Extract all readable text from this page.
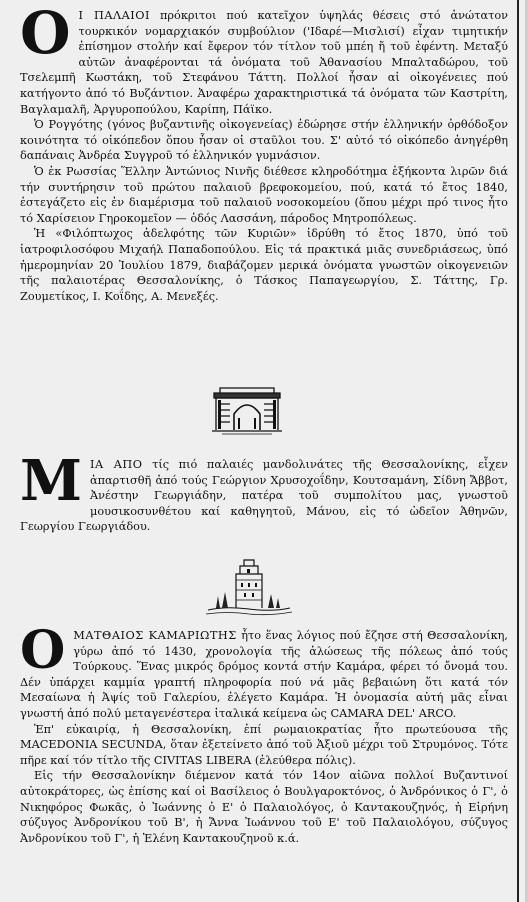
O Ι ΠΑΛΑΙΟΙ πρόκριτοι πού κατεῖχον ὑψηλάς θέσεις στό ἀνώτατον τουρκικόν νομαρχιακόν συμβούλιον ('Ιδαρέ—Μισλισί) εἶχαν τιμητικήν ἐπίσημον στολήν καί ἔφερον τόν τίτλον τοῦ μπέη ἤ τοῦ ἐφέντη. Μεταξύ αὐτῶν ἀναφέρονται τά ὀνόματα τοῦ Ἀθανασίου Μπαλταδώρου, τοῦ Τσελεμπῆ Κωστάκη, τοῦ Στεφάνου Τάττη. Πολλοί ἦσαν αἱ οἰκογένειες πού κατήγοντο ἀπό τό Βυζάντιον. Ἀναφέρω χαρακτηριστικά τά ὀνόματα τῶν Καστρίτη, Βαγλαμαλῆ, Ἀργυροπούλου, Καρίπη, Πάϊκο.

Ὁ Ρογγότης (γόνος βυζαντινῆς οἰκογενείας) ἐδώρησε στήν ἑλληνικήν ὀρθόδοξον κοινότητα τό οἰκόπεδον ὅπου ἦσαν οἱ σταῦλοι του. Σ' αὐτό τό οἰκόπεδο ἀνηγέρθη δαπάναις Ἀνδρέα Συγγροῦ τό ἑλληνικόν γυμνάσιον.

Ὁ ἐκ Ρωσσίας Ἕλλην Ἀντώνιος Νινῆς διέθεσε κληροδότημα ἑξήκοντα λιρῶν διά τήν συντήρησιν τοῦ πρώτου παλαιοῦ βρεφοκομείου, πού, κατά τό ἔτος 1840, ἐστεγάζετο εἰς ἐν διαμέρισμα τοῦ παλαιοῦ νοσοκομείου (ὅπου μέχρι πρό τινος ἦτο τό Χαρίσειον Γηροκομεῖον — ὁδός Λασσάνη, πάροδος Μητροπόλεως.

Ἡ «Φιλόπτωχος ἀδελφότης τῶν Κυριῶν» ἱδρύθη τό ἔτος 1870, ὑπό τοῦ ἰατροφιλοσόφου Μιχαήλ Παπαδοπούλου. Εἰς τά πρακτικά μιᾶς συνεδριάσεως, ὑπό ἡμερομηνίαν 20 Ἰουλίου 1879, διαβάζομεν μερικά ὀνόματα γνωστῶν οἰκογενειῶν τῆς παλαιοτέρας Θεσσαλονίκης, ὁ Τάσκος Παπαγεωργίου, Σ. Τάττης, Γρ. Ζουμετίκος, Ι. Κοΐδης, Α. Μενεξές.

M ΙΑ ΑΠΟ τίς πιό παλαιές μανδολινάτες τῆς Θεσσαλονίκης, εἶχεν ἀπαρτισθῆ ἀπό τούς Γεώργιον Χρυσοχοΐδην, Κουτσαμάνη, Σίδνη Ἄββοτ, Ἀνέστην Γεωργιάδην, πατέρα τοῦ συμπολίτου μας, γνωστοῦ μουσικοσυνθέτου καί καθηγητοῦ, Μάνου, εἰς τό ὠδεῖον Ἀθηνῶν, Γεωργίου Γεωργιάδου.

O ΜΑΤΘΑΙΟΣ ΚΑΜΑΡΙΩΤΗΣ ἦτο ἕνας λόγιος πού ἔζησε στή Θεσσαλονίκη, γύρω ἀπό τό 1430, χρονολογία τῆς ἁλώσεως τῆς πόλεως ἀπό τούς Τούρκους. Ἕνας μικρός δρόμος κοντά στήν Καμάρα, φέρει τό ὄνομά του. Δέν ὑπάρχει καμμία γραπτή πληροφορία πού νά μᾶς βεβαιώνη ὅτι κατά τόν Μεσαίωνα ἡ Ἀψίς τοῦ Γαλερίου, ἐλέγετο Καμάρα. Ἡ ὀνομασία αὐτή μᾶς εἶναι γνωστή ἀπό πολύ μεταγενέστερα ἰταλικά κείμενα ὡς CAMARA DEL' ARCO.

Ἐπ' εὐκαιρίᾳ, ἡ Θεσσαλονίκη, ἐπί ρωμαιοκρατίας ἦτο πρωτεύουσα τῆς MACEDONIA SECUNDA, ὅταν ἐξετείνετο ἀπό τοῦ Ἀξιοῦ μέχρι τοῦ Στρυμόνος. Τότε πῆρε καί τόν τίτλο τῆς CIVITAS LIBERA (ἐλεύθερα πόλις).

Εἰς τήν Θεσσαλονίκην διέμενον κατά τόν 14ον αἰῶνα πολλοί Βυζαντινοί αὐτοκράτορες, ὡς ἐπίσης καί οἱ Βασίλειος ὁ Βουλγαροκτόνος, ὁ Ἀνδρόνικος ὁ Γ', ὁ Νικηφόρος Φωκᾶς, ὁ Ἰωάννης ὁ Ε' ὁ Παλαιολόγος, ὁ Καντακουζηνός, ἡ Εἰρήνη σύζυγος Ἀνδρονίκου τοῦ Β', ἡ Ἄννα Ἰωάννου τοῦ Ε' τοῦ Παλαιολόγου, σύζυγος Ἀνδρονίκου τοῦ Γ', ἡ Ἑλένη Καντακουζηνοῦ κ.ά.
